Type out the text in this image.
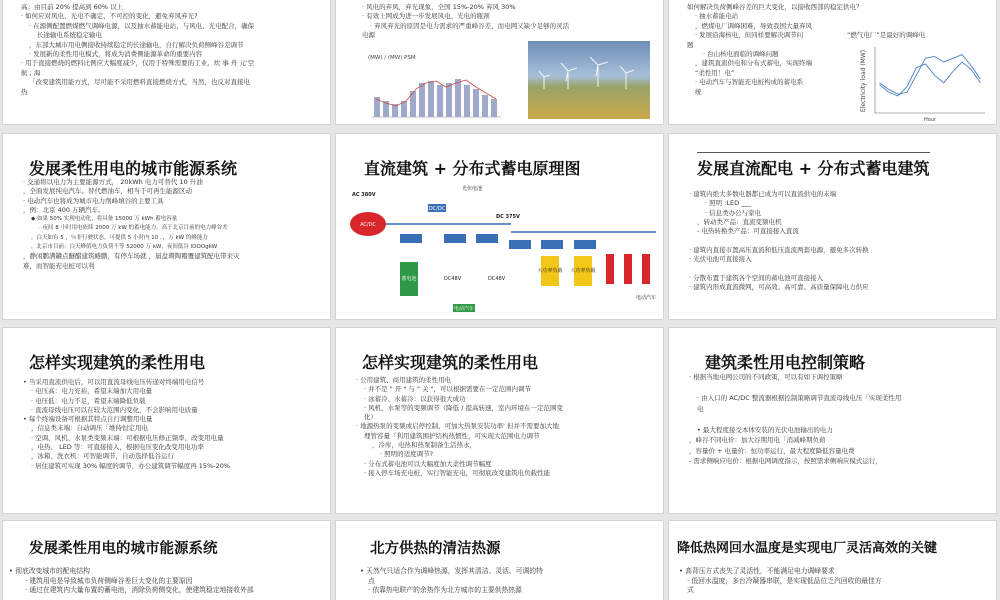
高；由目前 20% 提高到 60% 以上
· 如何应对风电、光电不确定、不可控的变化，避免弃风弃光?
· 在源侧配置燃煤燃气调峰电源，以及抽水蓄能电站，与风电、光电配合，确保
长途输电系统稳定输电
，东部大城市用电侧接收持续稳定的长途输电，自行解决负荷侧峰谷差调节
· 发展新的柔性用电模式，将成为消费侧能源革命的重要内容
· 用于直接燃烧的燃料比例应大幅度减少，仅用于特殊需要的工业，炊 事 舟 元'空
航 ; 海
「改变建筑用能方式，尽可能不采用燃料直接燃烧方式，当然，也反对直接电
热
· 风电的弃风，弃光现象，全国 15%-20% 弃风 30%
· 有效上网成为进一步发展风电、光电的瓶颈
· 弃风弃光的原因是电力需求的严重峰谷差，而电网又缺少足够的灵活
电源
(MW) / (MW) PSM
如何解决负荷侧峰谷差的巨大变化，以接收西部的稳定供电？
· 抽水蓄能电站
，燃煤电厂调峰困难，导致我国大量弃风
· 发展沿海核电，但同样要解决调节问
题
· 台山核电面临的调峰问题
，建筑直流供电和分布式蓄电，实现终端
“柔性用！电”
· 电动汽车与智能充电桩构成的蓄电系
统
“燃气电厂”是最好的调峰电
Electricity load (MW)
Hour
发展柔性用电的城市能源系统
· 交通将以电力为主要能源方式， 20kWh 电力可替代 10 升油
，全面发展纯电汽车。替代燃油车，相当于可再生能源区动
· 电动汽车也将成为城市电力削峰填谷的主要工具
，例：北京 400 万辆汽车。
◆ 如果 50% 实现电动化，将具备 15000 万 kWh 蓄电容量
· 夜间 8 小时用电依续 2000 万 kW 的蓄电能力，高于北京目前的电力峰谷差
，白天如有 5 ，％非行驶状态，可提供 5 小时内 10 。，万 kW 的峰能力
，北京市目前：白天峰值电力负荷不等 52000 万 kW，夜间低谷 lOOOgkW
，静闲鹏满罐点醚醋建筑蜷鹏，有停车场就 ，届盘瓒陶瓣覆建筑配电带来灾
难，而智能充电桩可以利
直流建筑 + 分布式蓄电原理图
AC 380V
AC/DC
光伏电池
DC/DC
DC 375V
蓄电池	DC48V	DC48V
电动汽车
大功率负载 大功率负载
电动汽车
发展直流配电 + 分布式蓄电建筑
· 建筑内绝大多数电器都已成为可以直流供电的末端
· 照明 :LED ___
· 信息类办公与家电
，转动类产品：直流变频电机
- 电热转换类产品：可直接接入直流

· 建筑内直接市置高压直流和低压直流两套电源，避免多次转换
· 光伏电池可直接接入

· 分散布置于建筑各个空间的蓄电池可直接接入
· 建筑内形成直流微网，可高效、高可靠、高质量保障电力供应
怎样实现建筑的柔性用电
• 当采用直流供电后，可以用直流母线电压传递对终端用电信号
· 电压高：电力充裕，希望末端加大用电量
· 电压低：电力不足，希望末端降低负载
· 直流母线电压可以在较大范围内变化，不会影响用电质量
• 每个终端设备可根据其特点自行调整用电量
，信息类末端：自动调压「维持恒定用电
· 空调、风机、水泵类变频末端：可根据电压修正频率，改变用电量
，电热、 LED 等：可直接接入，根据电压变化改变用电功率
，冰箱、洗衣机：可智能调节，自动选择低谷运行
· 居住建筑可实现 30% 幅度的调节，办公建筑调节幅度再 15%-20%
怎样实现建筑的柔性用电
· 公用建筑、商用建筑的柔性用电
· 并不是 " 开 " 与 " 关 "，可以根据需要在一定范围内调节
· 冰蓄冷、水蓄冷：以获得很大成功
· 风机，水泵等的变频调节（降低 / 提高转速，室内环境在一定范围变
化）
· 地源热泵的变频或启停控制，可加大热泵安装功率' 但并不需要加大地
埋管容量「利用建筑围护结构热惯性，可实现大范围电力调节
，冷库，电热和热泵制备生活热水，
· 照明的适度调节?
· 分布式蓄电池可以大幅度加大柔性调节幅度
· 接入停车场充电桩，实行智能充电，可彻底改变建筑电负载性能
建筑柔性用电控制策略
· 根据当地电网公司的不同政策，可以有如下调控策略

· 由入口的 AC/DC 整流器根据控制策略调节直流母线电压「实现柔性用
电

• 最大程度接受本体安装的光伏电池输出的电力
，峰谷不同电价：加大谷期用电「消减峰期负荷
，容量价 + 电量价：恒功率运行，最大程度降低容量电费
- 需求侧响应电价：根据电网调度指示，按照需求侧响应模式运行，
发展柔性用电的城市能源系统
• 彻底改变城市的配电结构
· 建筑用电是导致城市负荷侧峰谷差巨大变化的主要原因
· 通过在建筑内大量布置的蓄电池，消除负荷侧变化，使建筑稳定地接收外部
北方供热的清洁热源
• 天然气只适合作为调峰热源，发挥其清洁、灵活、可调的特
点
· 依靠热电联产的余热作为北方城市的主要供热热源
降低热网回水温度是实现电厂灵活高效的关键
• 高背压方式丧失了灵活性，不能满足电力调峰要求
· 低回水温度，多台冷凝器串联，是实现低品位乏汽回收的最佳方
式
